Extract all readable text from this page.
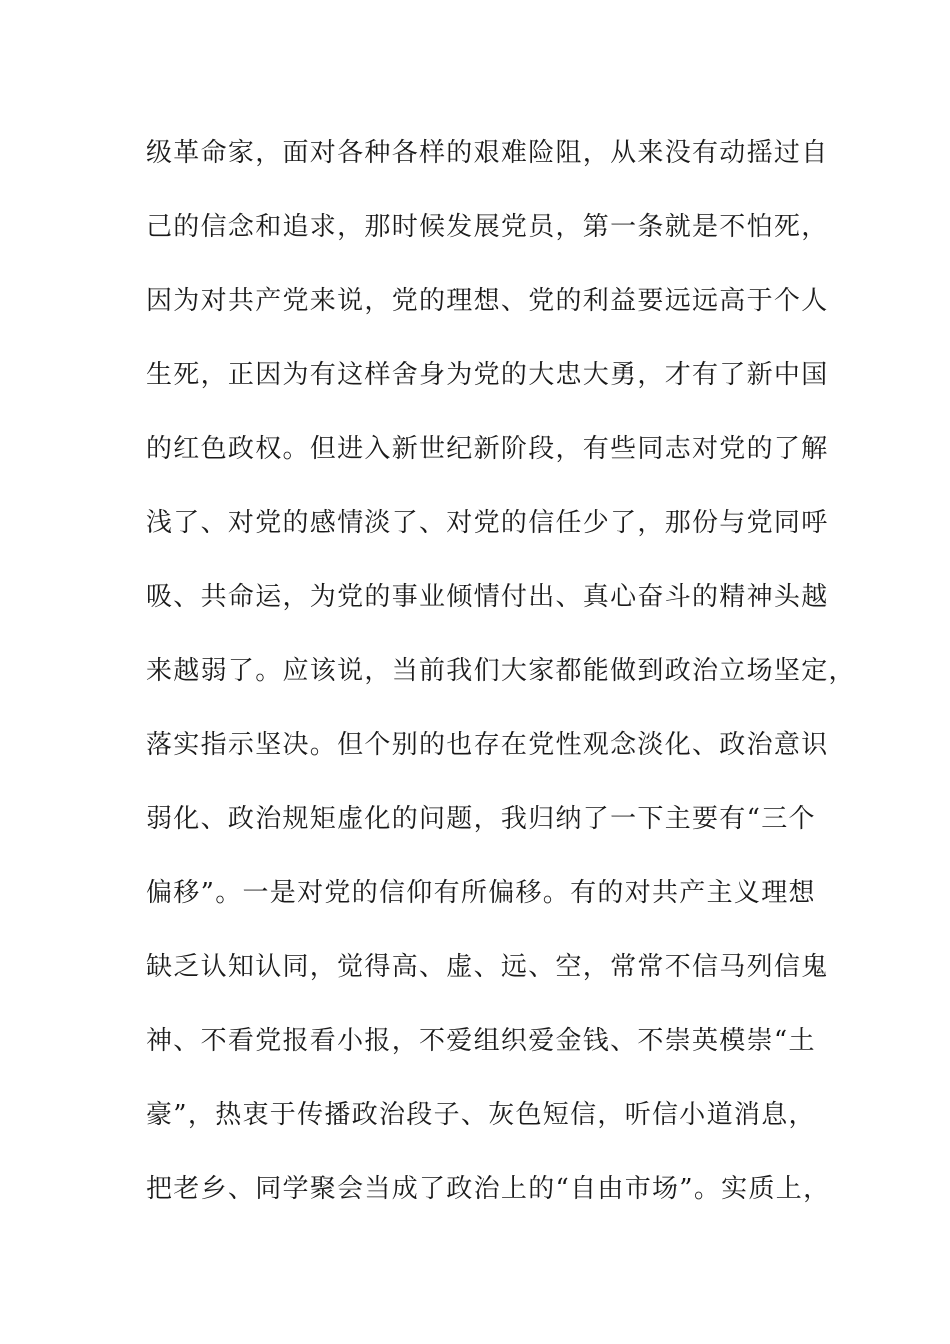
级革命家，面对各种各样的艰难险阻，从来没有动摇过自
己的信念和追求，那时候发展党员，第一条就是不怕死，
因为对共产党来说，党的理想、党的利益要远远高于个人
生死，正因为有这样舍身为党的大忠大勇，才有了新中国
的红色政权。但进入新世纪新阶段，有些同志对党的了解
浅了、对党的感情淡了、对党的信任少了，那份与党同呼
吸、共命运，为党的事业倾情付出、真心奋斗的精神头越
来越弱了。应该说，当前我们大家都能做到政治立场坚定，
落实指示坚决。但个别的也存在党性观念淡化、政治意识
弱化、政治规矩虚化的问题，我归纳了一下主要有“三个
偏移”。一是对党的信仰有所偏移。有的对共产主义理想
缺乏认知认同，觉得高、虚、远、空，常常不信马列信鬼
神、不看党报看小报，不爱组织爱金钱、不崇英模崇“土
豪”，热衷于传播政治段子、灰色短信，听信小道消息，
把老乡、同学聚会当成了政治上的“自由市场”。实质上，
